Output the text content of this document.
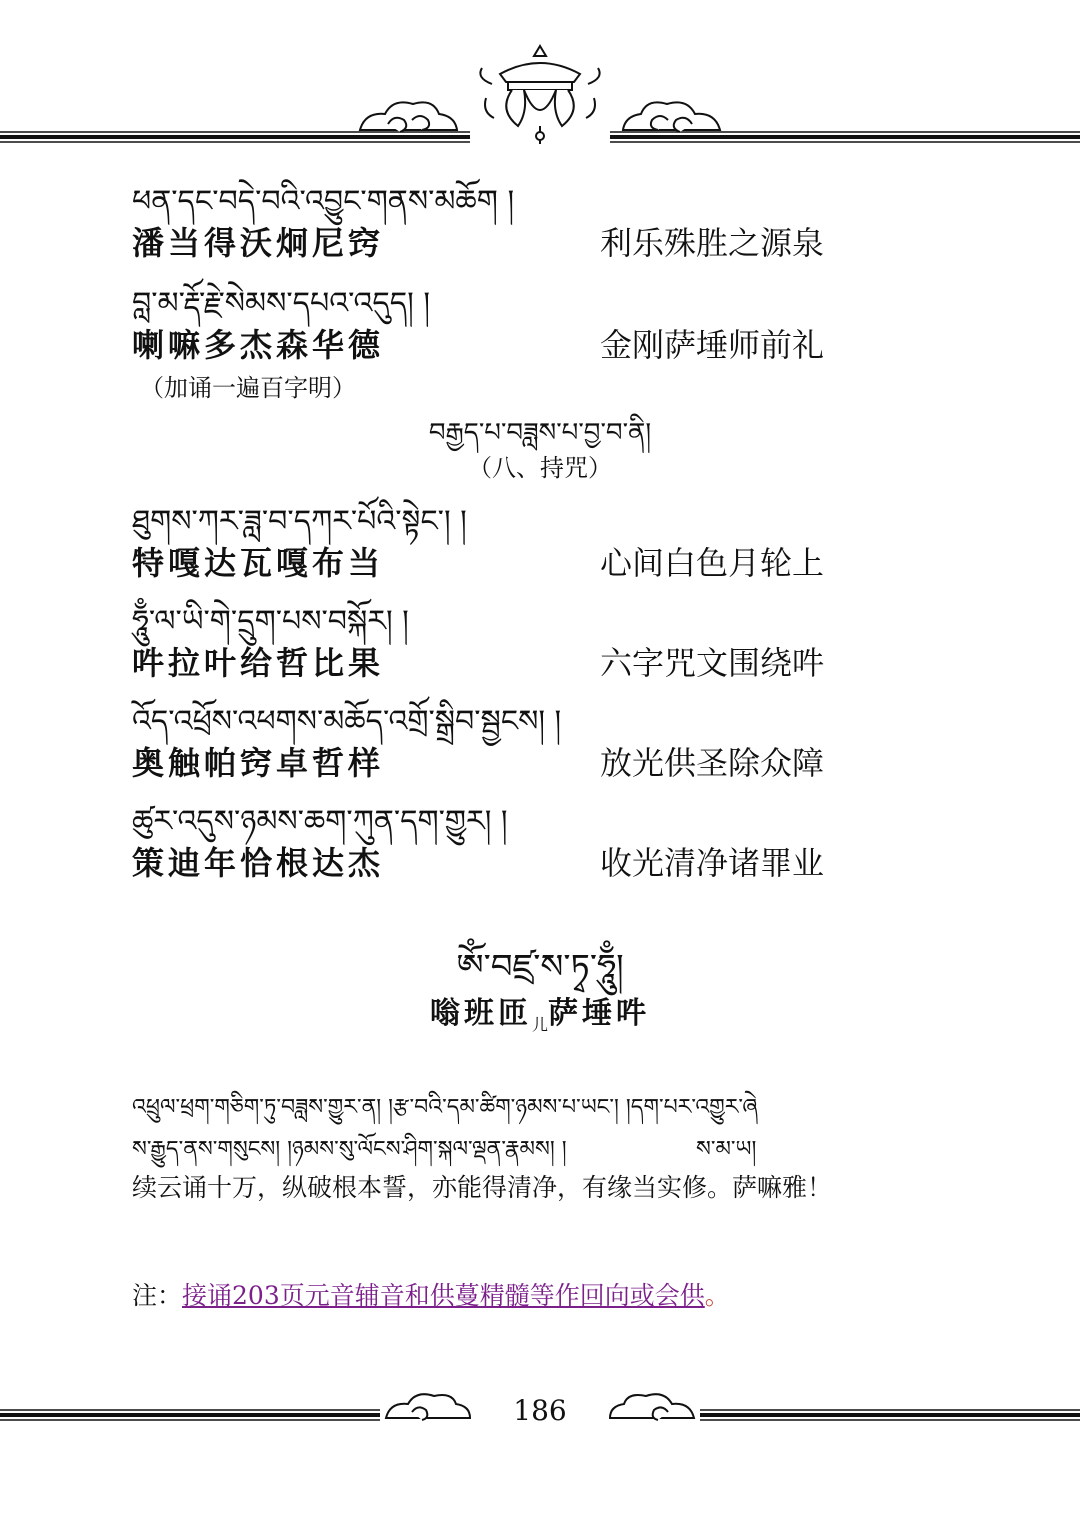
ཕན་དང་བདེ་བའི་འབྱུང་གནས་མཆོག །
潘当得沃炯尼窍	利乐殊胜之源泉
བླ་མ་རྡོ་རྗེ་སེམས་དཔའ་འདུད། །
喇嘛多杰森华德	金刚萨埵师前礼
（加诵一遍百字明）
བརྒྱད་པ་བཟླས་པ་བྱ་བ་ནི།
（八、持咒）
ཐུགས་ཀར་ཟླ་བ་དཀར་པོའི་སྟེང་། །
特嘎达瓦嘎布当	心间白色月轮上
ཧཱུྃ་ལ་ཡི་གེ་དྲུག་པས་བསྐོར། །
吽拉叶给哲比果	六字咒文围绕吽
འོད་འཕྲོས་འཕགས་མཆོད་འགྲོ་སྒྲིབ་སྦྱངས། །
奥触帕窍卓哲样	放光供圣除众障
ཚུར་འདུས་ཉམས་ཆག་ཀུན་དག་གྱུར། །
策迪年恰根达杰	收光清净诸罪业
ཨོཾ་བཛྲ་ས་ཏྭ་ཧཱུྃ།
嗡班匝$_儿$萨埵吽
འཕྲུལ་ཕྲག་གཅིག་ཏུ་བཟླས་གྱུར་ན། །རྩ་བའི་དམ་ཚིག་ཉམས་པ་ཡང་། །དག་པར་འགྱུར་ཞེ
ས་རྒྱུད་ནས་གསུངས། །ཉམས་སུ་ལོངས་ཤིག་སྐལ་ལྡན་རྣམས། །	ས་མ་ཡ།
续云诵十万，纵破根本誓，亦能得清净，有缘当实修。萨嘛雅！
注：接诵203页元音辅音和供蔓精髓等作回向或会供。
186
